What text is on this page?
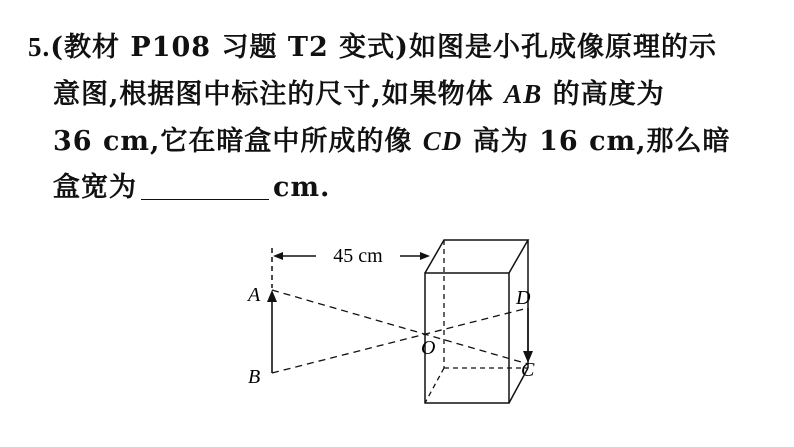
5.(教材 P108 习题 T2 变式)如图是小孔成像原理的示
意图,根据图中标注的尺寸,如果物体 AB 的高度为
36 cm,它在暗盒中所成的像 CD 高为 16 cm,那么暗
盒宽为	cm.
45 cm
A
B
D
C
O
